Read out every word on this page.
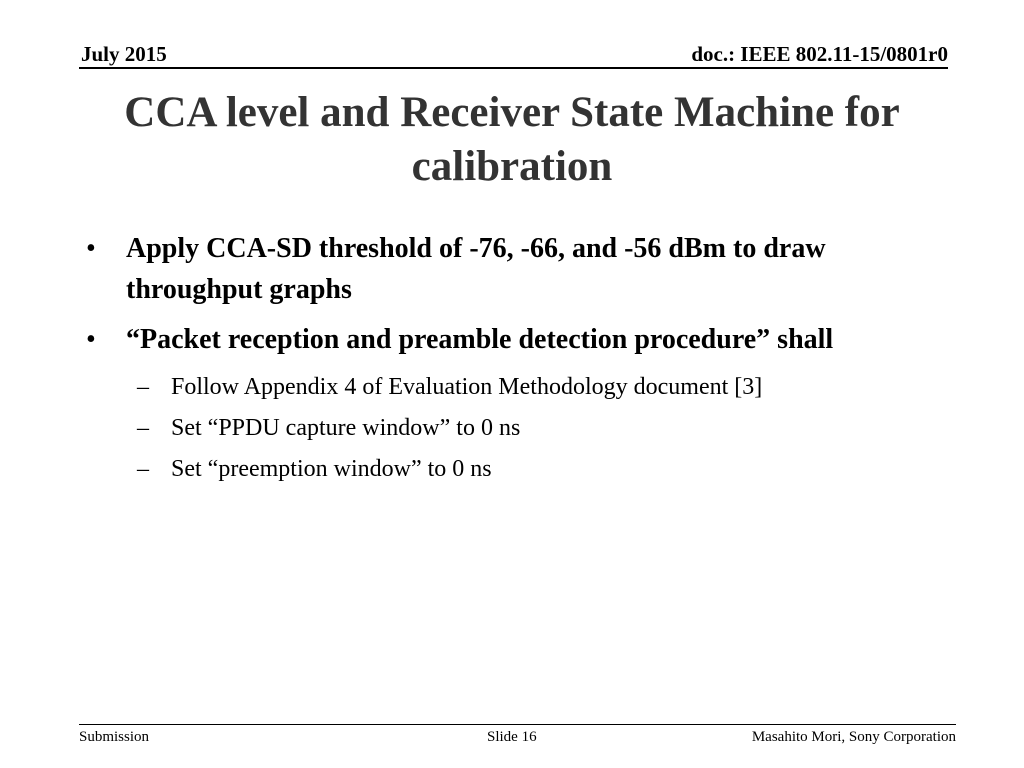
July 2015	doc.: IEEE 802.11-15/0801r0
CCA level and Receiver State Machine for calibration
• Apply CCA-SD threshold of -76, -66, and -56 dBm to draw throughput graphs
• “Packet reception and preamble detection procedure” shall
– Follow Appendix 4 of Evaluation Methodology document [3]
– Set “PPDU capture window” to 0 ns
– Set “preemption window” to 0 ns
Submission	Slide 16	Masahito Mori, Sony Corporation
